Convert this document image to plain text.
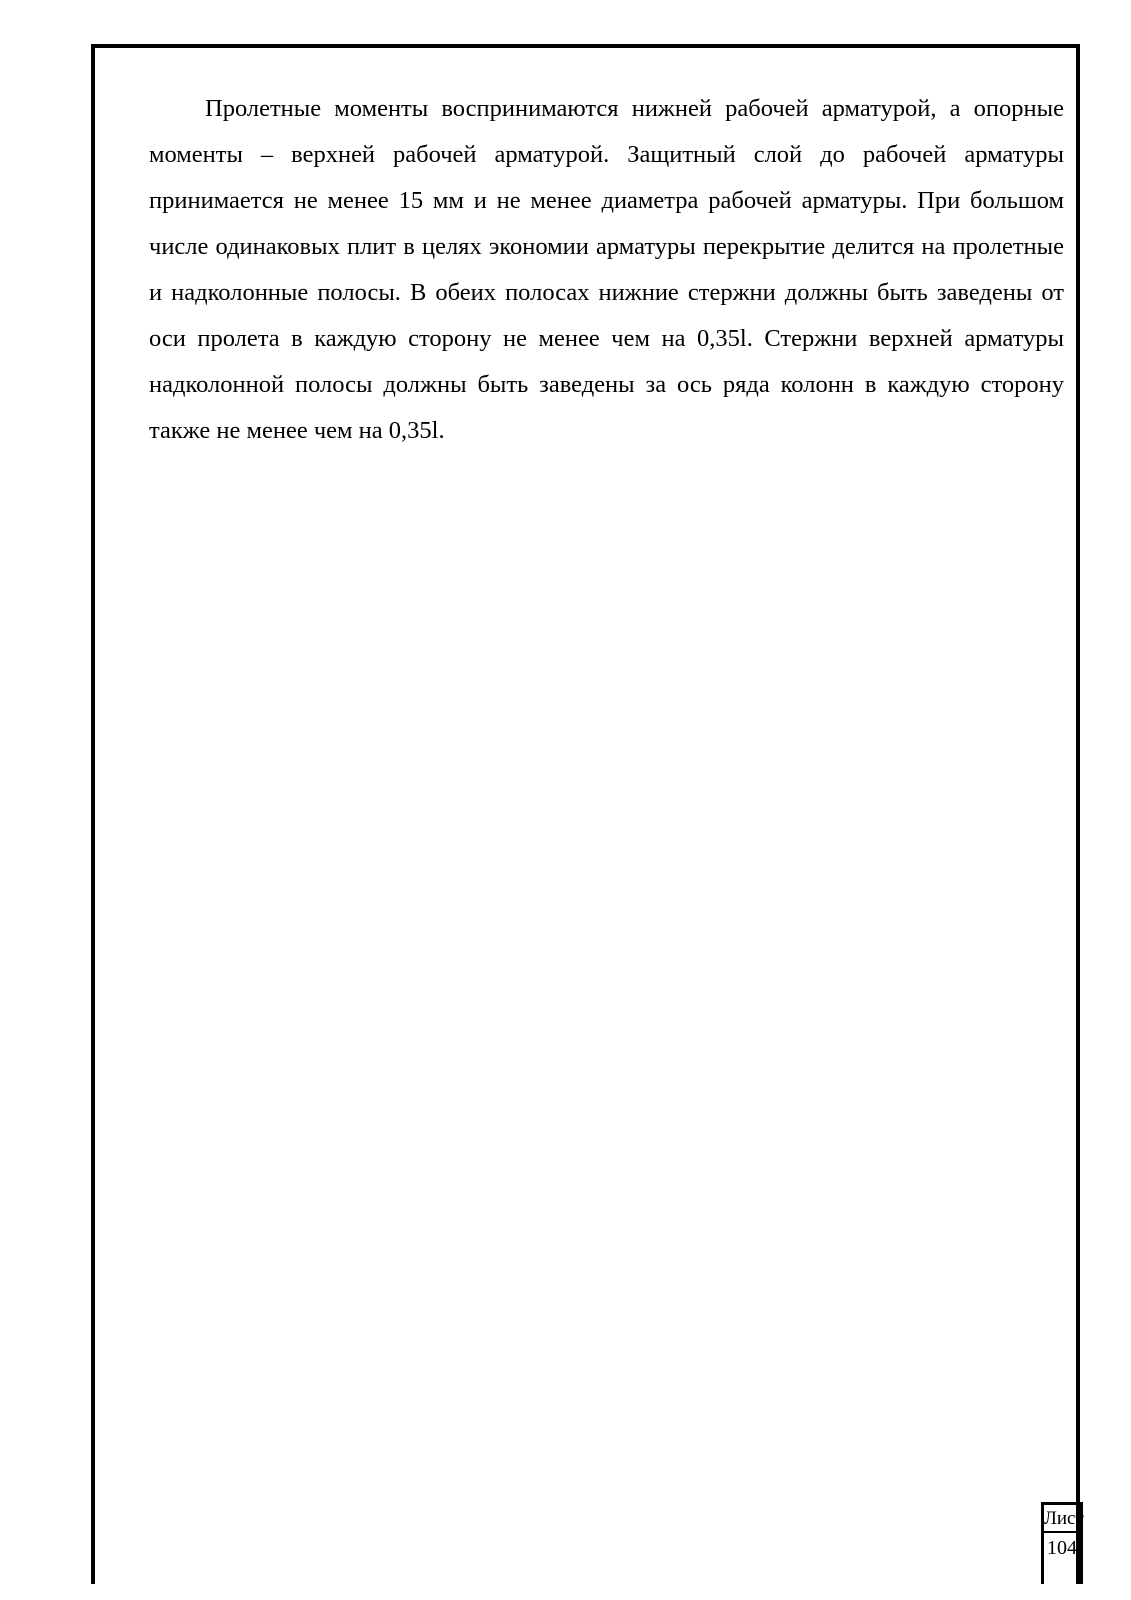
Пролетные моменты воспринимаются нижней рабочей арматурой, а опорные моменты – верхней рабочей арматурой. Защитный слой до рабочей арматуры принимается не менее 15 мм и не менее диаметра рабочей арматуры. При большом числе одинаковых плит в целях экономии арматуры перекрытие делится на пролетные и надколонные полосы. В обеих полосах нижние стержни должны быть заведены от оси пролета в каждую сторону не менее чем на 0,35l. Стержни верхней арматуры надколонной полосы должны быть заведены за ось ряда колонн в каждую сторону также не менее чем на 0,35l.

Лист
104
